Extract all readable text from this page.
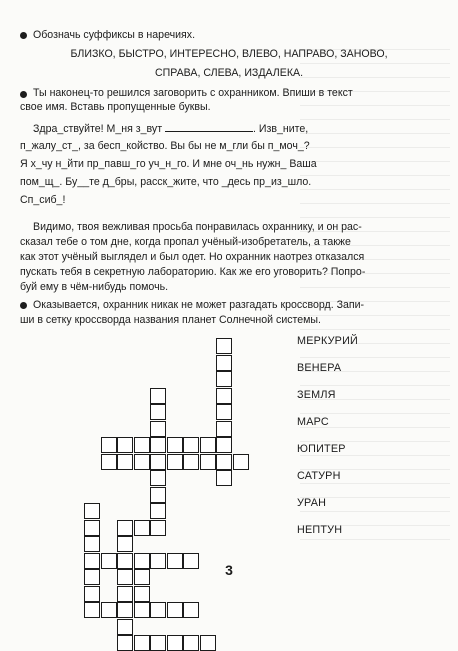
Обозначь суффиксы в наречиях.
БЛИЗКО, БЫСТРО, ИНТЕРЕСНО, ВЛЕВО, НАПРАВО, ЗАНОВО,
СПРАВА, СЛЕВА, ИЗДАЛЕКА.
Ты наконец-то решился заговорить с охранником. Впиши в текст
свое имя. Вставь пропущенные буквы.
Здра_ствуйте! М_ня з_вут	. Изв_ните,
п_жалу_ст_, за бесп_койство. Вы бы не м_гли бы п_моч_?
Я х_чу н_йти пр_павш_го уч_н_го. И мне оч_нь нужн_ Ваша
пом_щ_. Бу__те д_бры, расск_жите, что _десь пр_из_шло.
Сп_сиб_!
Видимо, твоя вежливая просьба понравилась охраннику, и он рас-
сказал тебе о том дне, когда пропал учёный-изобретатель, а также
как этот учёный выглядел и был одет. Но охранник наотрез отказался
пускать тебя в секретную лабораторию. Как же его уговорить? Попро-
буй ему в чём-нибудь помочь.
Оказывается, охранник никак не может разгадать кроссворд. Запи-
ши в сетку кроссворда названия планет Солнечной системы.
МЕРКУРИЙ
ВЕНЕРА
ЗЕМЛЯ
МАРС
ЮПИТЕР
САТУРН
УРАН
НЕПТУН
3
